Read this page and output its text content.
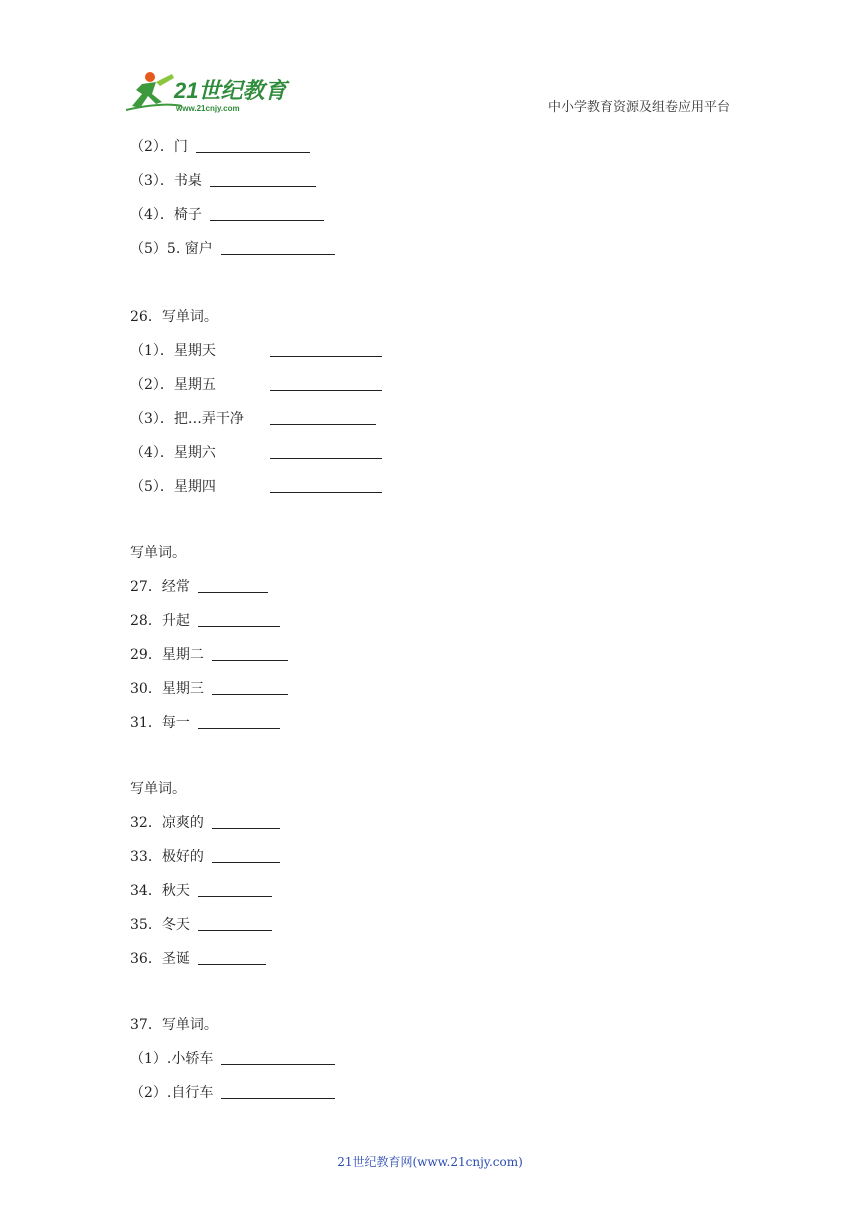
21世纪教育
www.21cnjy.com	中小学教育资源及组卷应用平台
（2）．门
（3）．书桌
（4）．椅子
（5）5. 窗户
26．写单词。
（1）．星期天
（2）．星期五
（3）．把…弄干净
（4）．星期六
（5）．星期四
写单词。
27．经常
28．升起
29．星期二
30．星期三
31．每一
写单词。
32．凉爽的
33．极好的
34．秋天
35．冬天
36．圣诞
37．写单词。
（1）.小轿车
（2）.自行车
21世纪教育网(www.21cnjy.com)
